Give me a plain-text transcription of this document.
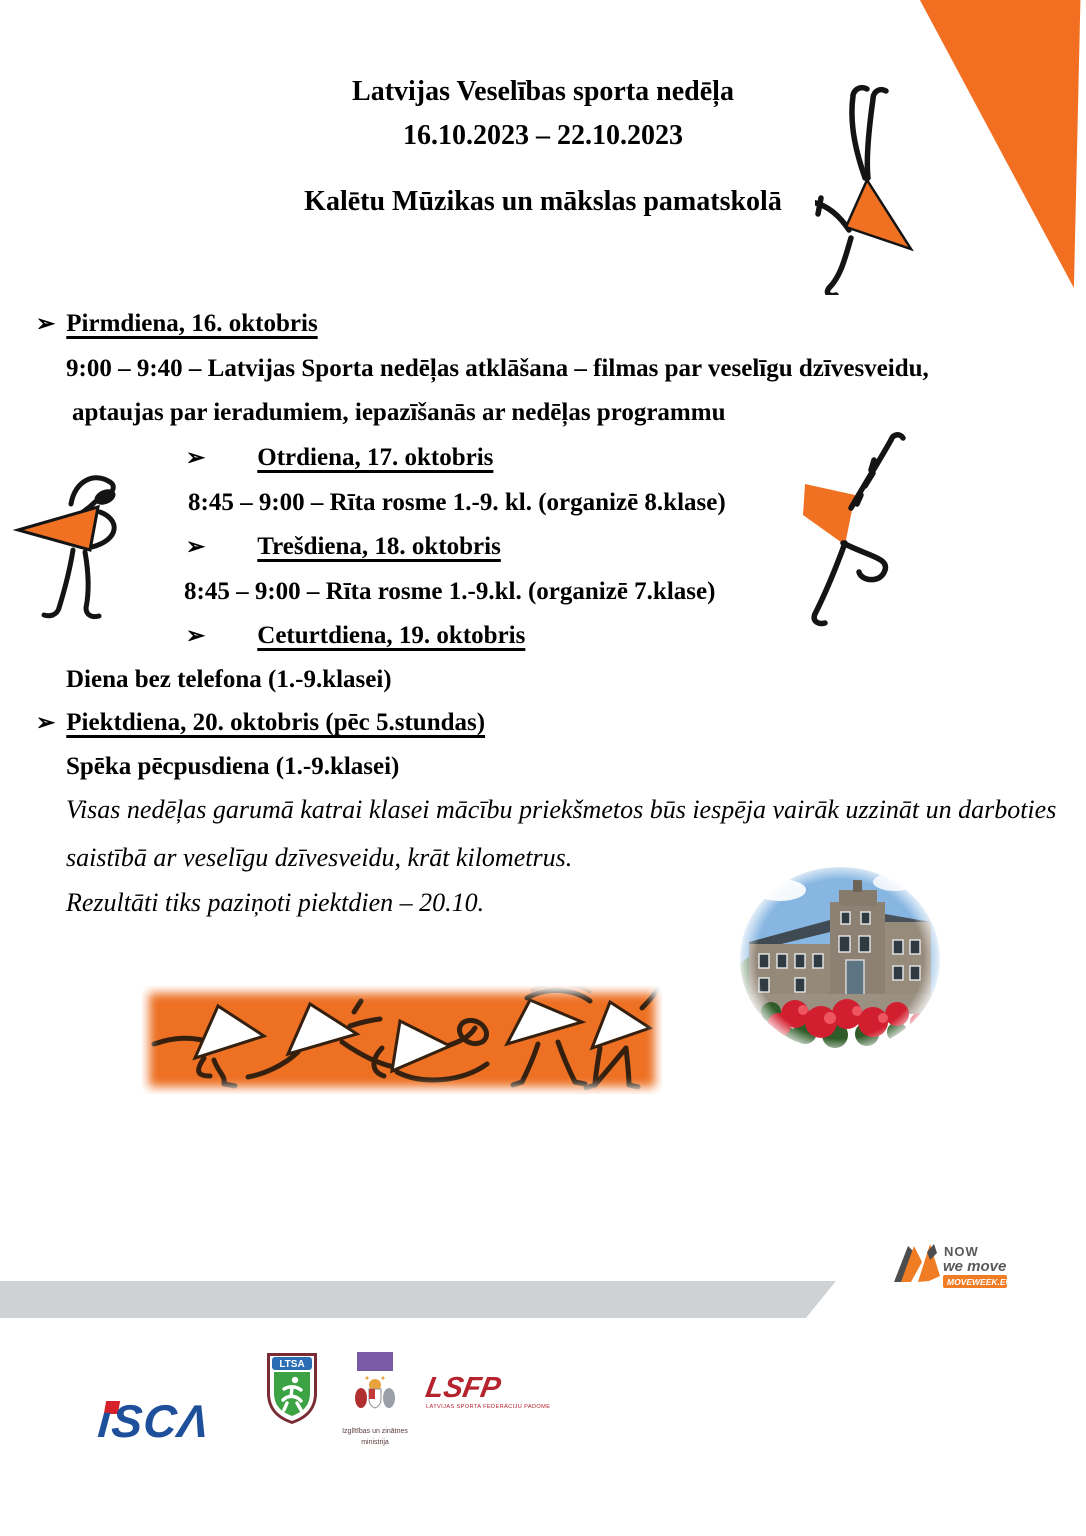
Latvijas Veselības sporta nedēļa
16.10.2023 – 22.10.2023
Kalētu Mūzikas un mākslas pamatskolā
➢ Pirmdiena, 16. oktobris
9:00 – 9:40 – Latvijas Sporta nedēļas atklāšana – filmas par veselīgu dzīvesveidu,
aptaujas par ieradumiem, iepazīšanās ar nedēļas programmu
➢ Otrdiena, 17. oktobris
8:45 – 9:00 – Rīta rosme 1.-9. kl. (organizē 8.klase)
➢ Trešdiena, 18. oktobris
8:45 – 9:00 – Rīta rosme 1.-9.kl. (organizē 7.klase)
➢ Ceturtdiena, 19. oktobris
Diena bez telefona (1.-9.klasei)
➢ Piektdiena, 20. oktobris (pēc 5.stundas)
Spēka pēcpusdiena (1.-9.klasei)
Visas nedēļas garumā katrai klasei mācību priekšmetos būs iespēja vairāk uzzināt un darboties
saistībā ar veselīgu dzīvesveidu, krāt kilometrus.
Rezultāti tiks paziņoti piektdien – 20.10.
NOW
we move
MOVEWEEK.EU
ıSCΛ
LTSA
Izglītības un zinātnes
ministrija
LSFP
LATVIJAS SPORTA FEDERĀCIJU PADOME
